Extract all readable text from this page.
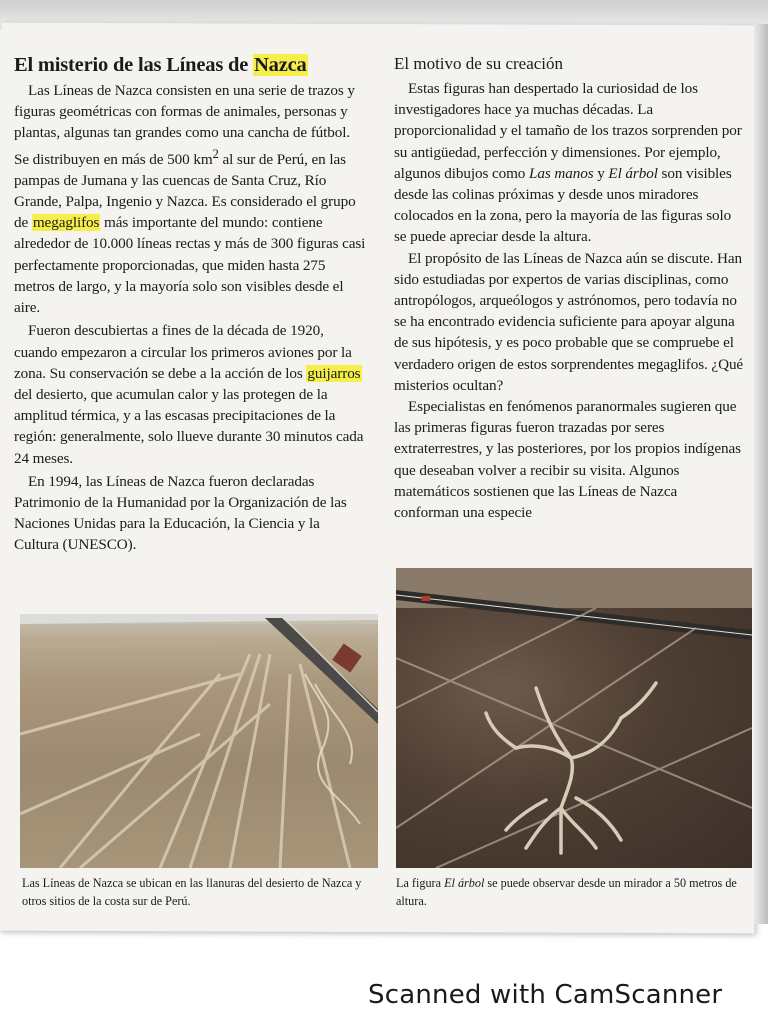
El misterio de las Líneas de Nazca

Las Líneas de Nazca consisten en una serie de trazos y figuras geométricas con formas de animales, personas y plantas, algunas tan grandes como una cancha de fútbol. Se distribuyen en más de 500 $km^2$ al sur de Perú, en las pampas de Jumana y las cuencas de Santa Cruz, Río Grande, Palpa, Ingenio y Nazca. Es considerado el grupo de megaglifos más importante del mundo: contiene alrededor de 10.000 líneas rectas y más de 300 figuras casi perfectamente proporcionadas, que miden hasta 275 metros de largo, y la mayoría solo son visibles desde el aire.

Fueron descubiertas a fines de la década de 1920, cuando empezaron a circular los primeros aviones por la zona. Su conservación se debe a la acción de los guijarros del desierto, que acumulan calor y las protegen de la amplitud térmica, y a las escasas precipitaciones de la región: generalmente, solo llueve durante 30 minutos cada 24 meses.

En 1994, las Líneas de Nazca fueron declaradas Patrimonio de la Humanidad por la Organización de las Naciones Unidas para la Educación, la Ciencia y la Cultura (UNESCO).

El motivo de su creación

Estas figuras han despertado la curiosidad de los investigadores hace ya muchas décadas. La proporcionalidad y el tamaño de los trazos sorprenden por su antigüedad, perfección y dimensiones. Por ejemplo, algunos dibujos como Las manos y El árbol son visibles desde las colinas próximas y desde unos miradores colocados en la zona, pero la mayoría de las figuras solo se puede apreciar desde la altura.

El propósito de las Líneas de Nazca aún se discute. Han sido estudiadas por expertos de varias disciplinas, como antropólogos, arqueólogos y astrónomos, pero todavía no se ha encontrado evidencia suficiente para apoyar alguna de sus hipótesis, y es poco probable que se compruebe el verdadero origen de estos sorprendentes megaglifos. ¿Qué misterios ocultan?

Especialistas en fenómenos paranormales sugieren que las primeras figuras fueron trazadas por seres extraterrestres, y las posteriores, por los propios indígenas que deseaban volver a recibir su visita. Algunos matemáticos sostienen que las Líneas de Nazca conforman una especie

Las Líneas de Nazca se ubican en las llanuras del desierto de Nazca y otros sitios de la costa sur de Perú.
La figura El árbol se puede observar desde un mirador a 50 metros de altura.
Scanned with CamScanner
